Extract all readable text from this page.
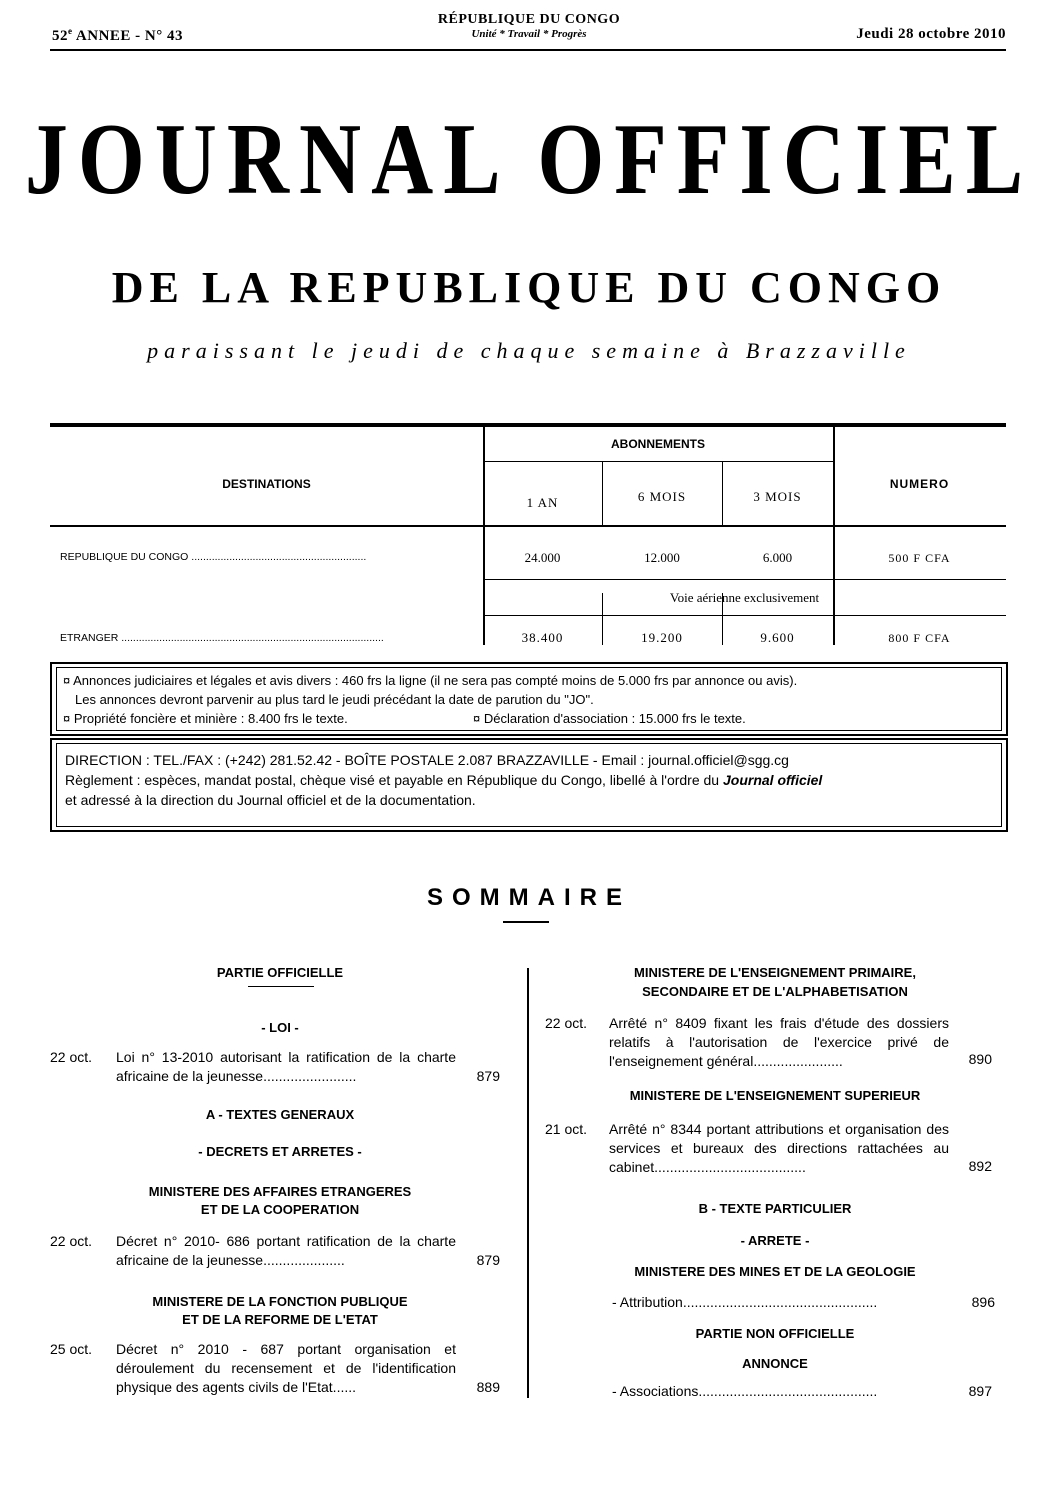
52e ANNEE - N° 43
RÉPUBLIQUE DU CONGO
Unité * Travail * Progrès	Jeudi 28 octobre 2010
JOURNAL OFFICIEL
DE LA REPUBLIQUE DU CONGO
paraissant le jeudi de chaque semaine à Brazzaville
DESTINATIONS
ABONNEMENTS
NUMERO
1 AN	6 MOIS	3 MOIS
REPUBLIQUE DU CONGO ............................................................	24.000	12.000	6.000	500 F CFA
Voie aérienne exclusivement
ETRANGER ..........................................................................................	38.400	19.200	9.600	800 F CFA
¤ Annonces judiciaires et légales et avis divers : 460 frs la ligne (il ne sera pas compté moins de 5.000 frs par annonce ou avis).
Les annonces devront parvenir au plus tard le jeudi précédant la date de parution du "JO".
¤ Propriété foncière et minière : 8.400 frs le texte.	¤ Déclaration d'association : 15.000 frs le texte.
DIRECTION : TEL./FAX : (+242) 281.52.42 - BOÎTE POSTALE 2.087 BRAZZAVILLE - Email : journal.officiel@sgg.cg
Règlement : espèces, mandat postal, chèque visé et payable en République du Congo, libellé à l'ordre du Journal officiel
et adressé à la direction du Journal officiel et de la documentation.
SOMMAIRE
PARTIE OFFICIELLE
- LOI -
22 oct. Loi n° 13-2010 autorisant la ratification de la charte africaine de la jeunesse........................	879
A - TEXTES GENERAUX
- DECRETS ET ARRETES -
MINISTERE DES AFFAIRES ETRANGERES
ET DE LA COOPERATION
22 oct. Décret n° 2010- 686 portant ratification de la charte africaine de la jeunesse.....................	879
MINISTERE DE LA FONCTION PUBLIQUE
ET DE LA REFORME DE L'ETAT
25 oct. Décret n° 2010 - 687 portant organisation et déroulement du recensement et de l'identification physique des agents civils de l'Etat......	889
MINISTERE DE L'ENSEIGNEMENT PRIMAIRE,
SECONDAIRE ET DE L'ALPHABETISATION
22 oct. Arrêté n° 8409 fixant les frais d'étude des dossiers relatifs à l'autorisation de l'exercice privé de l'enseignement général.......................	890
MINISTERE DE L'ENSEIGNEMENT SUPERIEUR
21 oct. Arrêté n° 8344 portant attributions et organisation des services et bureaux des directions rattachées au cabinet.......................................	892
B - TEXTE PARTICULIER
- ARRETE -
MINISTERE DES MINES ET DE LA GEOLOGIE
- Attribution..................................................	896
PARTIE NON OFFICIELLE
ANNONCE
- Associations..............................................	897
